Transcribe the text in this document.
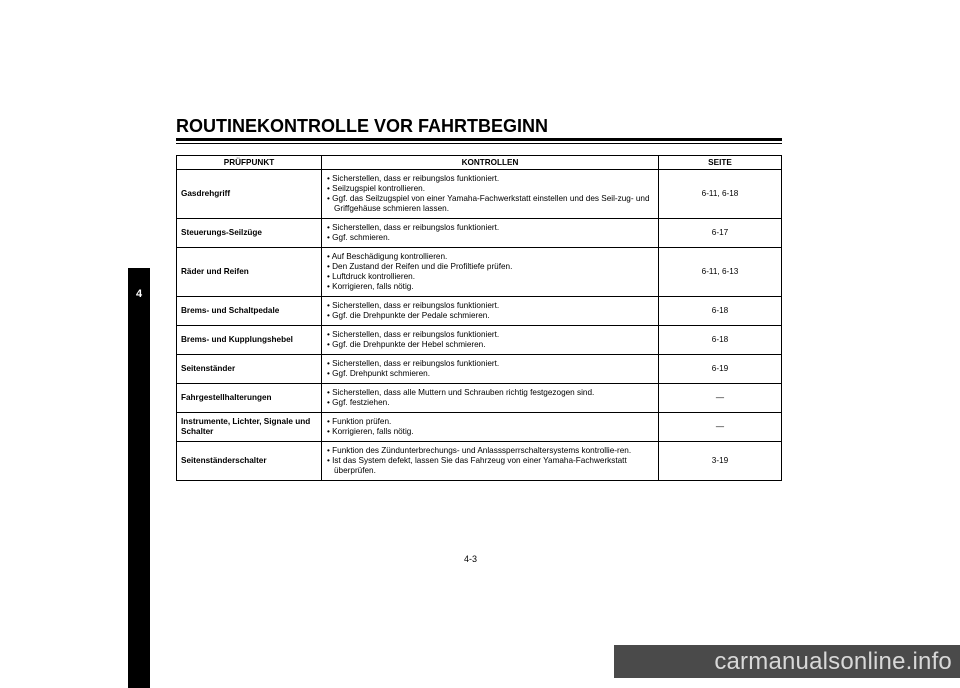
ROUTINEKONTROLLE VOR FAHRTBEGINN
4
PRÜFPUNKT	KONTROLLEN	SEITE
Gasdrehgriff	• Sicherstellen, dass er reibungslos funktioniert.
• Seilzugspiel kontrollieren.
• Ggf. das Seilzugspiel von einer Yamaha-Fachwerkstatt einstellen und des Seil-zug- und Griffgehäuse schmieren lassen.	6-11, 6-18
Steuerungs-Seilzüge	• Sicherstellen, dass er reibungslos funktioniert.
• Ggf. schmieren.	6-17
Räder und Reifen	• Auf Beschädigung kontrollieren.
• Den Zustand der Reifen und die Profiltiefe prüfen.
• Luftdruck kontrollieren.
• Korrigieren, falls nötig.	6-11, 6-13
Brems- und Schaltpedale	• Sicherstellen, dass er reibungslos funktioniert.
• Ggf. die Drehpunkte der Pedale schmieren.	6-18
Brems- und Kupplungshebel	• Sicherstellen, dass er reibungslos funktioniert.
• Ggf. die Drehpunkte der Hebel schmieren.	6-18
Seitenständer	• Sicherstellen, dass er reibungslos funktioniert.
• Ggf. Drehpunkt schmieren.	6-19
Fahrgestellhalterungen	• Sicherstellen, dass alle Muttern und Schrauben richtig festgezogen sind.
• Ggf. festziehen.	—
Instrumente, Lichter, Signale und Schalter	• Funktion prüfen.
• Korrigieren, falls nötig.	—
Seitenständerschalter	• Funktion des Zündunterbrechungs- und Anlasssperrschaltersystems kontrollie-ren.
• Ist das System defekt, lassen Sie das Fahrzeug von einer Yamaha-Fachwerkstatt überprüfen.	3-19
4-3
carmanualsonline.info
